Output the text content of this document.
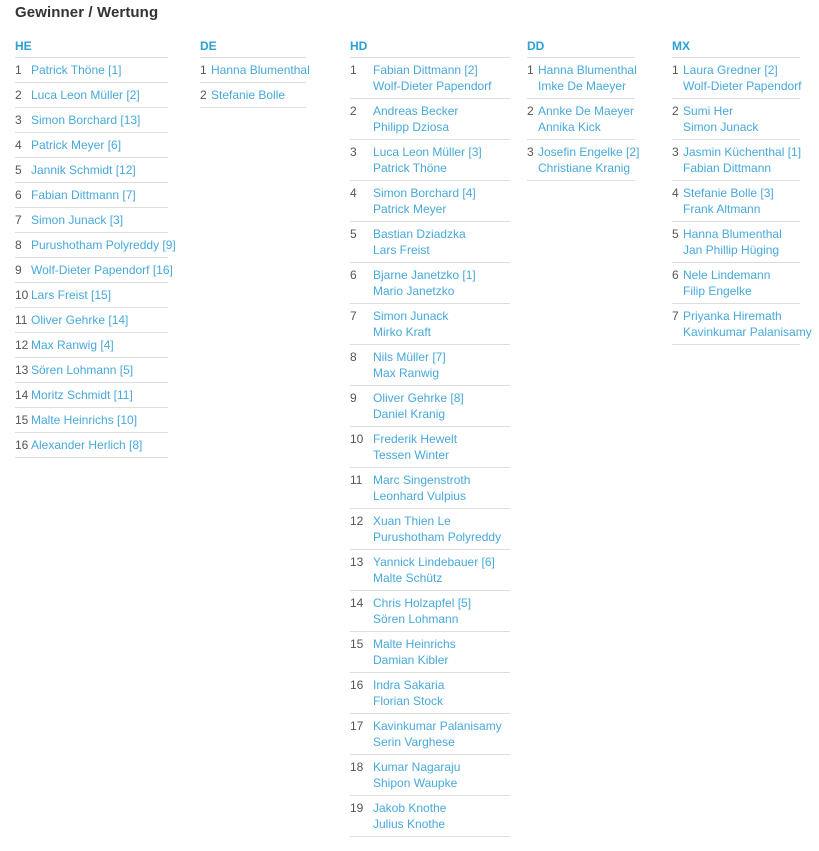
Gewinner / Wertung
HE
1 Patrick Thöne [1]
2 Luca Leon Müller [2]
3 Simon Borchard [13]
4 Patrick Meyer [6]
5 Jannik Schmidt [12]
6 Fabian Dittmann [7]
7 Simon Junack [3]
8 Purushotham Polyreddy [9]
9 Wolf-Dieter Papendorf [16]
10 Lars Freist [15]
11 Oliver Gehrke [14]
12 Max Ranwig [4]
13 Sören Lohmann [5]
14 Moritz Schmidt [11]
15 Malte Heinrichs [10]
16 Alexander Herlich [8]
DE
1 Hanna Blumenthal
2 Stefanie Bolle
HD
1	Fabian Dittmann [2]
Wolf-Dieter Papendorf
2	Andreas Becker
Philipp Dziosa
3	Luca Leon Müller [3]
Patrick Thöne
4	Simon Borchard [4]
Patrick Meyer
5	Bastian Dziadzka
Lars Freist
6	Bjarne Janetzko [1]
Mario Janetzko
7	Simon Junack
Mirko Kraft
8	Nils Müller [7]
Max Ranwig
9	Oliver Gehrke [8]
Daniel Kranig
10 Frederik Hewelt
Tessen Winter
11 Marc Singenstroth
Leonhard Vulpius
12 Xuan Thien Le
Purushotham Polyreddy
13 Yannick Lindebauer [6]
Malte Schütz
14 Chris Holzapfel [5]
Sören Lohmann
15 Malte Heinrichs
Damian Kibler
16 Indra Sakaria
Florian Stock
17 Kavinkumar Palanisamy
Serin Varghese
18 Kumar Nagaraju
Shipon Waupke
19 Jakob Knothe
Julius Knothe
DD
1 Hanna Blumenthal
Imke De Maeyer
2 Annke De Maeyer
Annika Kick
3 Josefin Engelke [2]
Christiane Kranig
MX
1 Laura Gredner [2]
Wolf-Dieter Papendorf
2 Sumi Her
Simon Junack
3 Jasmin Küchenthal [1]
Fabian Dittmann
4 Stefanie Bolle [3]
Frank Altmann
5 Hanna Blumenthal
Jan Phillip Hüging
6 Nele Lindemann
Filip Engelke
7 Priyanka Hiremath
Kavinkumar Palanisamy
